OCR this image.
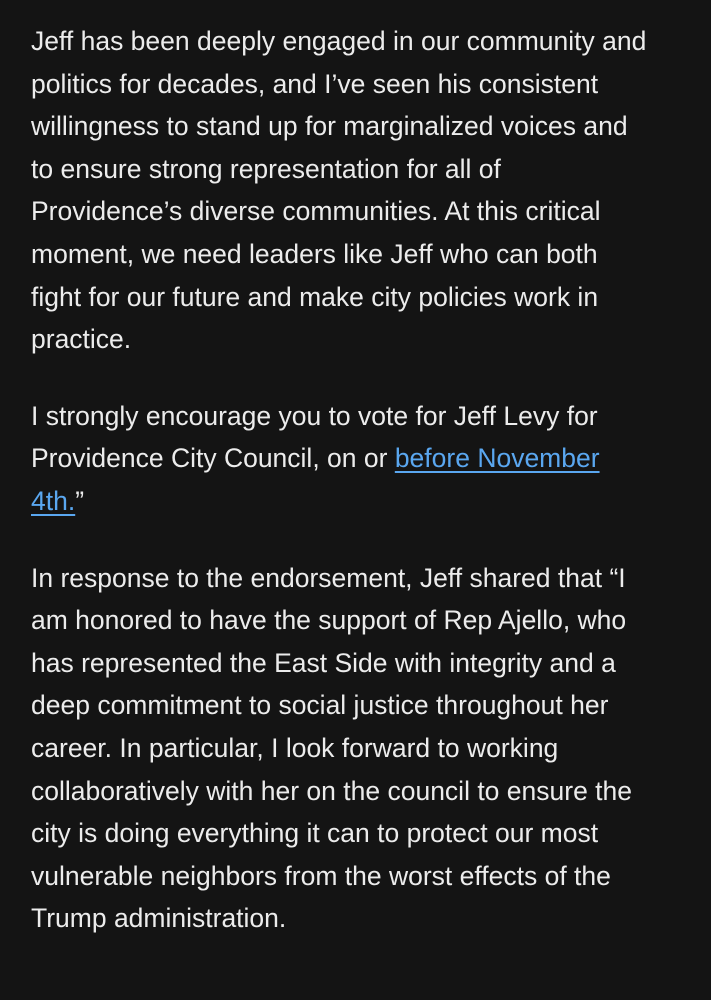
Jeff has been deeply engaged in our community and
politics for decades, and I’ve seen his consistent
willingness to stand up for marginalized voices and
to ensure strong representation for all of
Providence’s diverse communities. At this critical
moment, we need leaders like Jeff who can both
fight for our future and make city policies work in
practice.

I strongly encourage you to vote for Jeff Levy for
Providence City Council, on or before November
4th.”

In response to the endorsement, Jeff shared that “I
am honored to have the support of Rep Ajello, who
has represented the East Side with integrity and a
deep commitment to social justice throughout her
career. In particular, I look forward to working
collaboratively with her on the council to ensure the
city is doing everything it can to protect our most
vulnerable neighbors from the worst effects of the
Trump administration.
